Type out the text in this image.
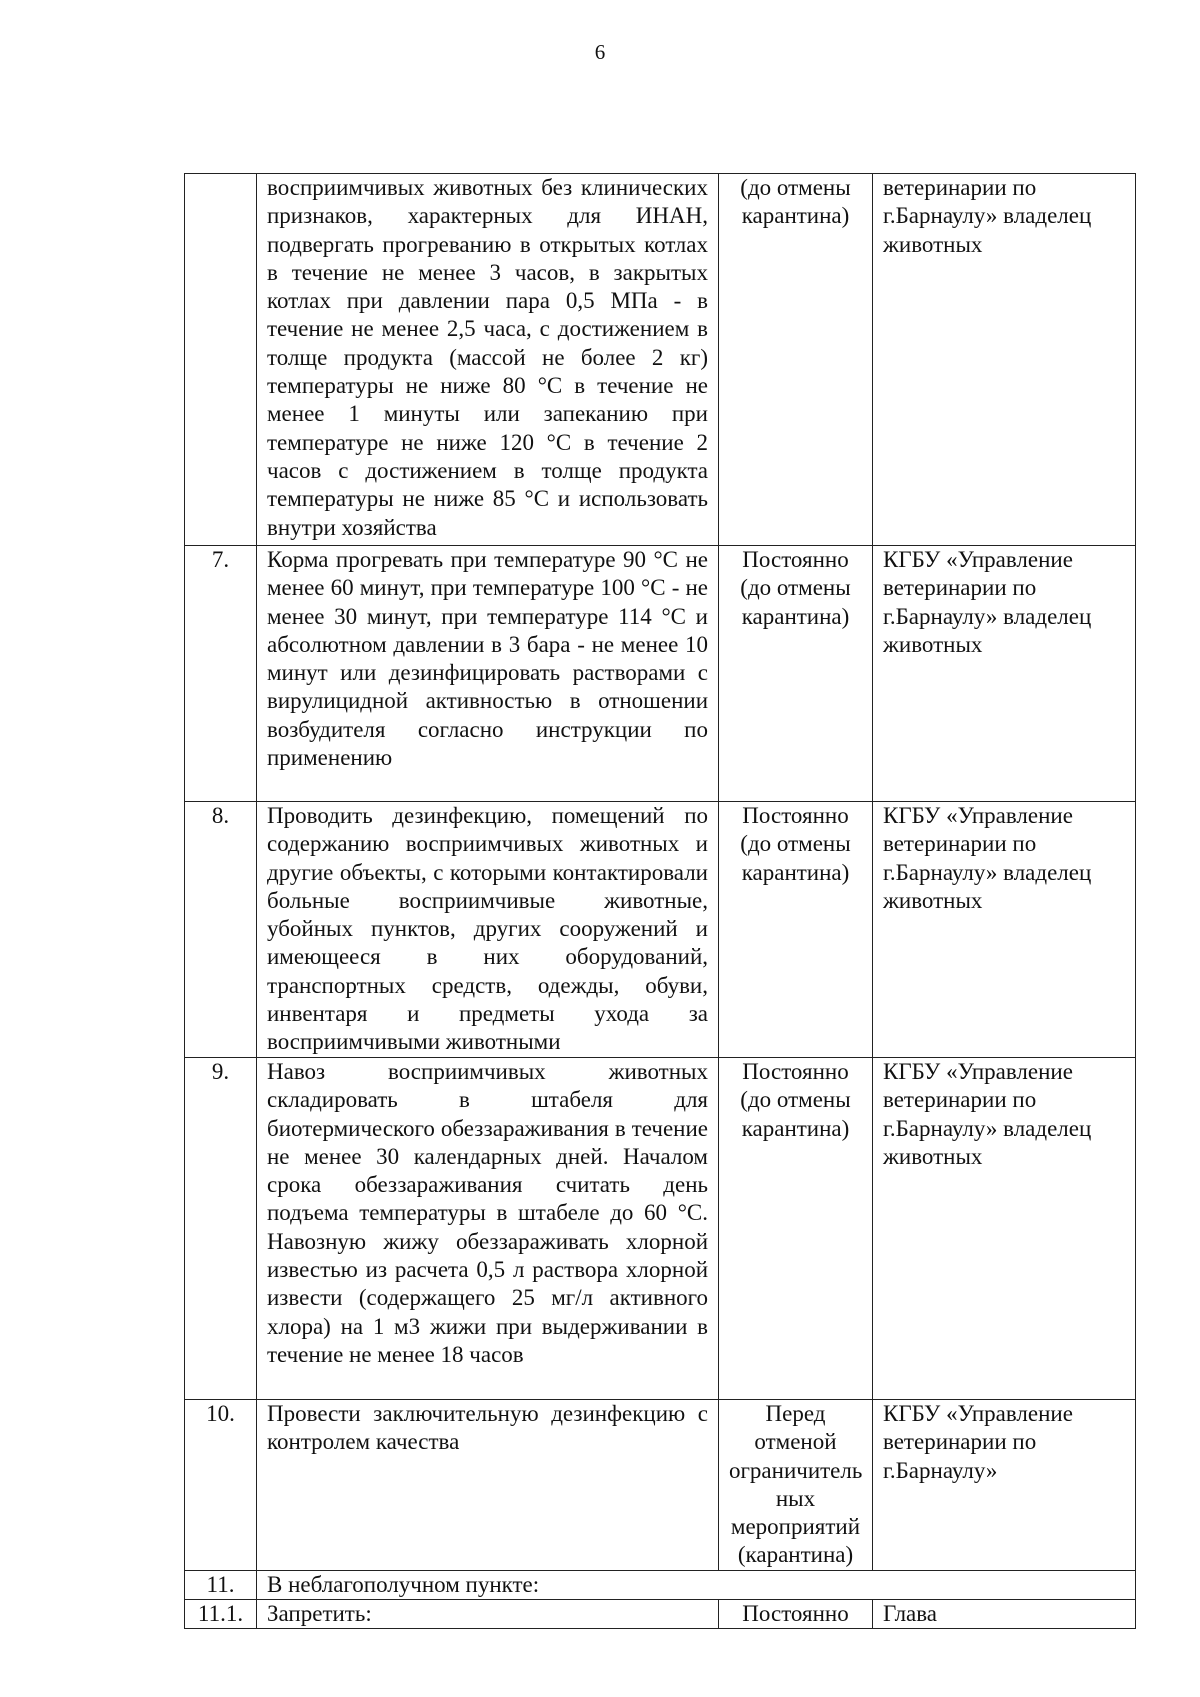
6
	восприимчивых животных без клинических признаков, характерных для ИНАН, подвергать прогреванию в открытых котлах в течение не менее 3 часов, в закрытых котлах при давлении пара 0,5 МПа - в течение не менее 2,5 часа, с достижением в толще продукта (массой не более 2 кг) температуры не ниже 80 °С в течение не менее 1 минуты или запеканию при температуре не ниже 120 °С в течение 2 часов с достижением в толще продукта температуры не ниже 85 °С и использовать внутри хозяйства	(до отмены карантина)	ветеринарии по г.Барнаулу» владелец животных
7.	Корма прогревать при температуре 90 °С не менее 60 минут, при температуре 100 °С - не менее 30 минут, при температуре 114 °С и абсолютном давлении в 3 бара - не менее 10 минут или дезинфицировать растворами с вирулицидной активностью в отношении возбудителя согласно инструкции по применению	Постоянно (до отмены карантина)	КГБУ «Управление ветеринарии по г.Барнаулу» владелец животных
8.	Проводить дезинфекцию, помещений по содержанию восприимчивых животных и другие объекты, с которыми контактировали больные восприимчивые животные, убойных пунктов, других сооружений и имеющееся в них оборудований, транспортных средств, одежды, обуви, инвентаря и предметы ухода за восприимчивыми животными	Постоянно (до отмены карантина)	КГБУ «Управление ветеринарии по г.Барнаулу» владелец животных
9.	Навоз восприимчивых животных складировать в штабеля для биотермического обеззараживания в течение не менее 30 календарных дней. Началом срока обеззараживания считать день подъема температуры в штабеле до 60 °С. Навозную жижу обеззараживать хлорной известью из расчета 0,5 л раствора хлорной извести (содержащего 25 мг/л активного хлора) на 1 м3 жижи при выдерживании в течение не менее 18 часов	Постоянно (до отмены карантина)	КГБУ «Управление ветеринарии по г.Барнаулу» владелец животных
10.	Провести заключительную дезинфекцию с контролем качества	Перед отменой ограничитель ных мероприятий (карантина)	КГБУ «Управление ветеринарии по г.Барнаулу»
11.	В неблагополучном пункте:		
11.1.	Запретить:	Постоянно	Глава
